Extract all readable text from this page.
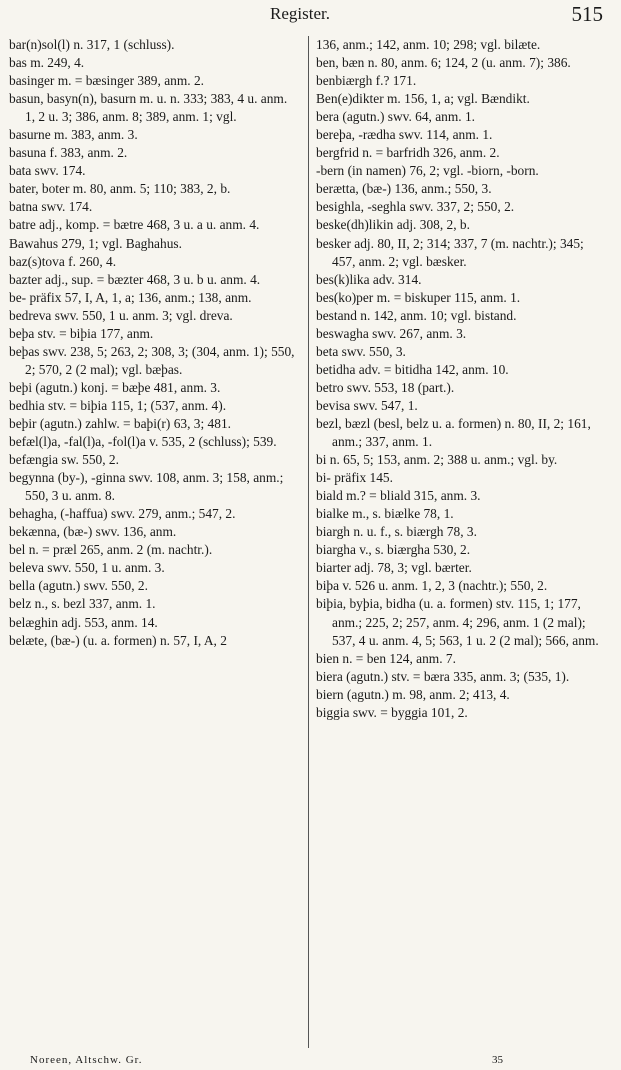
Register.	515

bar(n)sol(l) n. 317, 1 (schluss).

bas m. 249, 4.

basinger m. = bæsinger 389, anm. 2.

basun, basyn(n), basurn m. u. n. 333; 383, 4 u. anm. 1, 2 u. 3; 386, anm. 8; 389, anm. 1; vgl.

basurne m. 383, anm. 3.

basuna f. 383, anm. 2.

bata swv. 174.

bater, boter m. 80, anm. 5; 110; 383, 2, b.

batna swv. 174.

batre adj., komp. = bætre 468, 3 u. a u. anm. 4.

Bawahus 279, 1; vgl. Baghahus.

baz(s)tova f. 260, 4.

bazter adj., sup. = bæzter 468, 3 u. b u. anm. 4.

be- präfix 57, I, A, 1, a; 136, anm.; 138, anm.

bedreva swv. 550, 1 u. anm. 3; vgl. dreva.

beþa stv. = biþia 177, anm.

beþas swv. 238, 5; 263, 2; 308, 3; (304, anm. 1); 550, 2; 570, 2 (2 mal); vgl. bæþas.

beþi (agutn.) konj. = bæþe 481, anm. 3.

bedhia stv. = biþia 115, 1; (537, anm. 4).

beþir (agutn.) zahlw. = baþi(r) 63, 3; 481.

befæl(l)a, -fal(l)a, -fol(l)a v. 535, 2 (schluss); 539.

befængia sw. 550, 2.

begynna (by-), -ginna swv. 108, anm. 3; 158, anm.; 550, 3 u. anm. 8.

behagha, (-haffua) swv. 279, anm.; 547, 2.

bekænna, (bæ-) swv. 136, anm.

bel n. = præl 265, anm. 2 (m. nachtr.).

beleva swv. 550, 1 u. anm. 3.

bella (agutn.) swv. 550, 2.

belz n., s. bezl 337, anm. 1.

belæghin adj. 553, anm. 14.

belæte, (bæ-) (u. a. formen) n. 57, I, A, 2

136, anm.; 142, anm. 10; 298; vgl. bilæte.

ben, bæn n. 80, anm. 6; 124, 2 (u. anm. 7); 386.

benbiærgh f.? 171.

Ben(e)dikter m. 156, 1, a; vgl. Bændikt.

bera (agutn.) swv. 64, anm. 1.

bereþa, -rædha swv. 114, anm. 1.

bergfrid n. = barfridh 326, anm. 2.

-bern (in namen) 76, 2; vgl. -biorn, -born.

berætta, (bæ-) 136, anm.; 550, 3.

besighla, -seghla swv. 337, 2; 550, 2.

beske(dh)likin adj. 308, 2, b.

besker adj. 80, II, 2; 314; 337, 7 (m. nachtr.); 345; 457, anm. 2; vgl. bæsker.

bes(k)lika adv. 314.

bes(ko)per m. = biskuper 115, anm. 1.

bestand n. 142, anm. 10; vgl. bistand.

beswagha swv. 267, anm. 3.

beta swv. 550, 3.

betidha adv. = bitidha 142, anm. 10.

betro swv. 553, 18 (part.).

bevisa swv. 547, 1.

bezl, bæzl (besl, belz u. a. formen) n. 80, II, 2; 161, anm.; 337, anm. 1.

bi n. 65, 5; 153, anm. 2; 388 u. anm.; vgl. by.

bi- präfix 145.

biald m.? = bliald 315, anm. 3.

bialke m., s. biælke 78, 1.

biargh n. u. f., s. biærgh 78, 3.

biargha v., s. biærgha 530, 2.

biarter adj. 78, 3; vgl. bærter.

biþa v. 526 u. anm. 1, 2, 3 (nachtr.); 550, 2.

biþia, byþia, bidha (u. a. formen) stv. 115, 1; 177, anm.; 225, 2; 257, anm. 4; 296, anm. 1 (2 mal); 537, 4 u. anm. 4, 5; 563, 1 u. 2 (2 mal); 566, anm.

bien n. = ben 124, anm. 7.

biera (agutn.) stv. = bæra 335, anm. 3; (535, 1).

biern (agutn.) m. 98, anm. 2; 413, 4.

biggia swv. = byggia 101, 2.

Noreen, Altschw. Gr.	35
